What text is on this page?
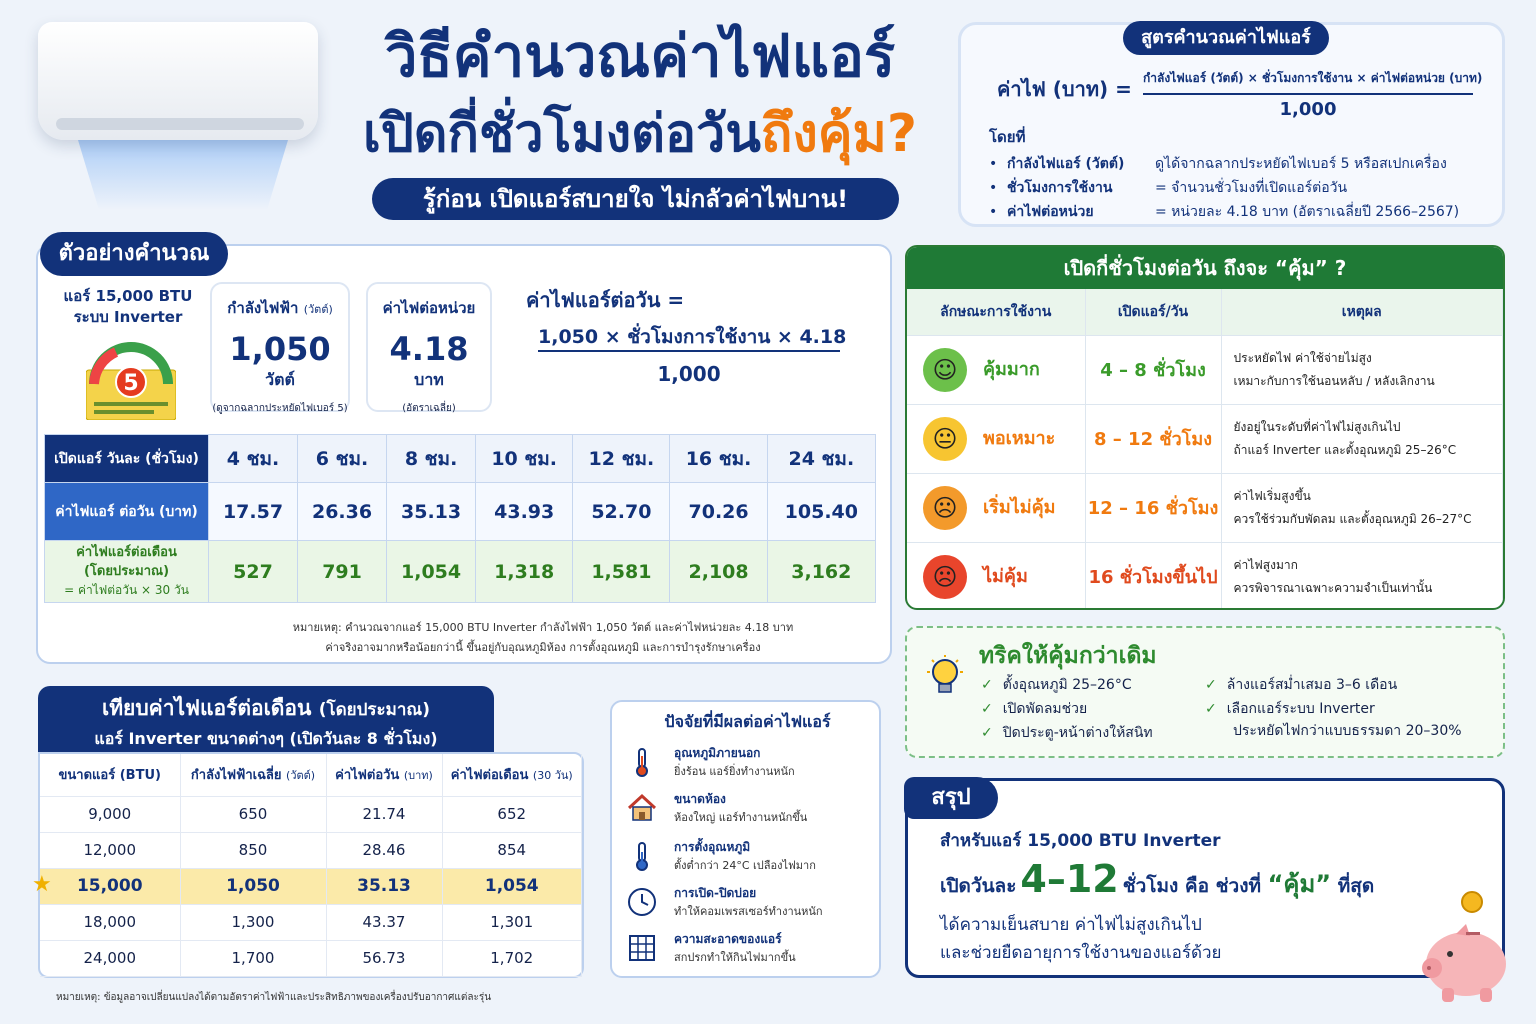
วิธีคำนวณค่าไฟแอร์
เปิดกี่ชั่วโมงต่อวันถึงคุ้ม?
รู้ก่อน เปิดแอร์สบายใจ ไม่กลัวค่าไฟบาน!
สูตรคำนวณค่าไฟแอร์
ค่าไฟ (บาท) = กำลังไฟแอร์ (วัตต์) × ชั่วโมงการใช้งาน × ค่าไฟต่อหน่วย (บาท)
1,000
โดยที่
• กำลังไฟแอร์ (วัตต์) ดูได้จากฉลากประหยัดไฟเบอร์ 5 หรือสเปกเครื่อง
• ชั่วโมงการใช้งาน	= จำนวนชั่วโมงที่เปิดแอร์ต่อวัน
• ค่าไฟต่อหน่วย	= หน่วยละ 4.18 บาท (อัตราเฉลี่ยปี 2566–2567)
ตัวอย่างคำนวณ
แอร์ 15,000 BTU
ระบบ Inverter
5
กำลังไฟฟ้า (วัตต์)
1,050
วัตต์
(ดูจากฉลากประหยัดไฟเบอร์ 5)
ค่าไฟต่อหน่วย
4.18
บาท
(อัตราเฉลี่ย)
ค่าไฟแอร์ต่อวัน =
1,050 × ชั่วโมงการใช้งาน × 4.18
1,000
เปิดแอร์ วันละ (ชั่วโมง)	4 ชม.	6 ชม.	8 ชม.	10 ชม.	12 ชม.	16 ชม.	24 ชม.
ค่าไฟแอร์ ต่อวัน (บาท)	17.57	26.36	35.13	43.93	52.70	70.26	105.40

ค่าไฟแอร์ต่อเดือน
(โดยประมาณ)
= ค่าไฟต่อวัน × 30 วัน	527	791	1,054	1,318	1,581	2,108	3,162
หมายเหตุ: คำนวณจากแอร์ 15,000 BTU Inverter กำลังไฟฟ้า 1,050 วัตต์ และค่าไฟหน่วยละ 4.18 บาท
ค่าจริงอาจมากหรือน้อยกว่านี้ ขึ้นอยู่กับอุณหภูมิห้อง การตั้งอุณหภูมิ และการบำรุงรักษาเครื่อง
เทียบค่าไฟแอร์ต่อเดือน (โดยประมาณ)
แอร์ Inverter ขนาดต่างๆ (เปิดวันละ 8 ชั่วโมง)
ขนาดแอร์ (BTU)	กำลังไฟฟ้าเฉลี่ย (วัตต์)	ค่าไฟต่อวัน (บาท)	ค่าไฟต่อเดือน (30 วัน)
9,000	650	21.74	652
12,000	850	28.46	854
15,000	1,050	35.13	1,054
18,000	1,300	43.37	1,301
24,000	1,700	56.73	1,702
★
หมายเหตุ: ข้อมูลอาจเปลี่ยนแปลงได้ตามอัตราค่าไฟฟ้าและประสิทธิภาพของเครื่องปรับอากาศแต่ละรุ่น
ปัจจัยที่มีผลต่อค่าไฟแอร์
อุณหภูมิภายนอก
ยิ่งร้อน แอร์ยิ่งทำงานหนัก
ขนาดห้อง
ห้องใหญ่ แอร์ทำงานหนักขึ้น
การตั้งอุณหภูมิ
ตั้งต่ำกว่า 24°C เปลืองไฟมาก
การเปิด-ปิดบ่อย
ทำให้คอมเพรสเซอร์ทำงานหนัก
ความสะอาดของแอร์
สกปรกทำให้กินไฟมากขึ้น
เปิดกี่ชั่วโมงต่อวัน ถึงจะ “คุ้ม” ?
ลักษณะการใช้งาน	เปิดแอร์/วัน	เหตุผล
☺ คุ้มมาก	4 – 8 ชั่วโมง	ประหยัดไฟ ค่าใช้จ่ายไม่สูง
เหมาะกับการใช้นอนหลับ / หลังเลิกงาน

😐 พอเหมาะ	8 – 12 ชั่วโมง	ยังอยู่ในระดับที่ค่าไฟไม่สูงเกินไป
ถ้าแอร์ Inverter และตั้งอุณหภูมิ 25–26°C

☹ เริ่มไม่คุ้ม	12 – 16 ชั่วโมง	ค่าไฟเริ่มสูงขึ้น
ควรใช้ร่วมกับพัดลม และตั้งอุณหภูมิ 26–27°C

☹ ไม่คุ้ม	16 ชั่วโมงขึ้นไป	ค่าไฟสูงมาก
ควรพิจารณาเฉพาะความจำเป็นเท่านั้น
ทริคให้คุ้มกว่าเดิม
✓ ตั้งอุณหภูมิ 25–26°C
✓ เปิดพัดลมช่วย
✓ ปิดประตู-หน้าต่างให้สนิท
✓ ล้างแอร์สม่ำเสมอ 3–6 เดือน
✓ เลือกแอร์ระบบ Inverter
ประหยัดไฟกว่าแบบธรรมดา 20–30%
สรุป
สำหรับแอร์ 15,000 BTU Inverter
เปิดวันละ 4–12 ชั่วโมง คือ ช่วงที่ “คุ้ม” ที่สุด
ได้ความเย็นสบาย ค่าไฟไม่สูงเกินไป
และช่วยยืดอายุการใช้งานของแอร์ด้วย
